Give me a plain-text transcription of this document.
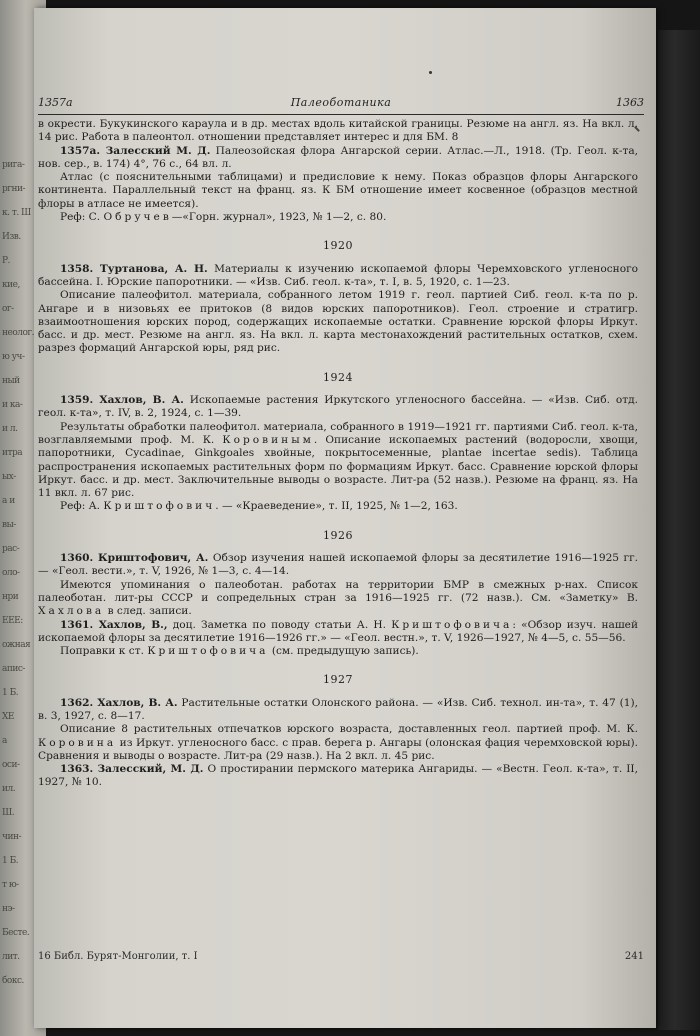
рига-
ргни-
к. т. Ш
Изв.
Р.
кие,
ог-
неолог.
ю уч-
ный
и ка-
и л.
итра
ых-
а и
вы-
рас-
оло-
нри
ЕЕЕ:
ожная
апис-
1 Б.
ХЕ
а
оси-
ил.
Ш.
чин-
1 Б.
т ю-
нэ-
Бесте.
лит.
бокс.
1357а	Палеоботаника	1363

в окрести. Букукинского караула и в др. местах вдоль китайской границы. Резюме на англ. яз. На вкл. л. 14 рис. Работа в палеонтол. отношении представляет интерес и для БМ. 8

1357а. Залесский М. Д. Палеозойская флора Ангарской серии. Атлас.—Л., 1918. (Тр. Геол. к-та, нов. сер., в. 174) 4°, 76 с., 64 вл. л.

Атлас (с пояснительными таблицами) и предисловие к нему. Показ образцов флоры Ангарского континента. Параллельный текст на франц. яз. К БМ отношение имеет косвенное (образцов местной флоры в атласе не имеется).

Реф: С. Обручев—«Горн. журнал», 1923, № 1—2, с. 80.

1920

1358. Туртанова, А. Н. Материалы к изучению ископаемой флоры Черемховского угленосного бассейна. I. Юрские папоротники. — «Изв. Сиб. геол. к-та», т. I, в. 5, 1920, с. 1—23.

Описание палеофитол. материала, собранного летом 1919 г. геол. партией Сиб. геол. к-та по р. Ангаре и в низовьях ее притоков (8 видов юрских папоротников). Геол. строение и стратигр. взаимоотношения юрских пород, содержащих ископаемые остатки. Сравнение юрской флоры Иркут. басс. и др. мест. Резюме на англ. яз. На вкл. л. карта местонахождений растительных остатков, схем. разрез формаций Ангарской юры, ряд рис.

1924

1359. Хахлов, В. А. Ископаемые растения Иркутского угленосного бассейна. — «Изв. Сиб. отд. геол. к-та», т. IV, в. 2, 1924, с. 1—39.

Результаты обработки палеофитол. материала, собранного в 1919—1921 гг. партиями Сиб. геол. к-та, возглавляемыми проф. М. К. Коровиным. Описание ископаемых растений (водоросли, хвощи, папоротники, Cycadinae, Ginkgoales хвойные, покрытосеменные, plantae incertae sedis). Таблица распространения ископаемых растительных форм по формациям Иркут. басс. Сравнение юрской флоры Иркут. басс. и др. мест. Заключительные выводы о возрасте. Лит-ра (52 назв.). Резюме на франц. яз. На 11 вкл. л. 67 рис.

Реф: А. Криштофович. — «Краеведение», т. II, 1925, № 1—2, 163.

1926

1360. Криштофович, А. Обзор изучения нашей ископаемой флоры за десятилетие 1916—1925 гг. — «Геол. вести.», т. V, 1926, № 1—3, с. 4—14.

Имеются упоминания о палеоботан. работах на территории БМР в смежных р-нах. Список палеоботан. лит-ры СССР и сопредельных стран за 1916—1925 гг. (72 назв.). См. «Заметку» В. Хахлова в след. записи.

1361. Хахлов, В., доц. Заметка по поводу статьи А. Н. Криштофовича: «Обзор изуч. нашей ископаемой флоры за десятилетие 1916—1926 гг.» — «Геол. вестн.», т. V, 1926—1927, № 4—5, с. 55—56.

Поправки к ст. Криштофовича (см. предыдущую запись).

1927

1362. Хахлов, В. А. Растительные остатки Олонского района. — «Изв. Сиб. технол. ин-та», т. 47 (1), в. 3, 1927, с. 8—17.

Описание 8 растительных отпечатков юрского возраста, доставленных геол. партией проф. М. К. Коровина из Иркут. угленосного басс. с прав. берега р. Ангары (олонская фация черемховской юры). Сравнения и выводы о возрасте. Лит-ра (29 назв.). На 2 вкл. л. 45 рис.

1363. Залесский, М. Д. О простирании пермского материка Ангариды. — «Вестн. Геол. к-та», т. II, 1927, № 10.

16 Библ. Бурят-Монголии, т. I	241
